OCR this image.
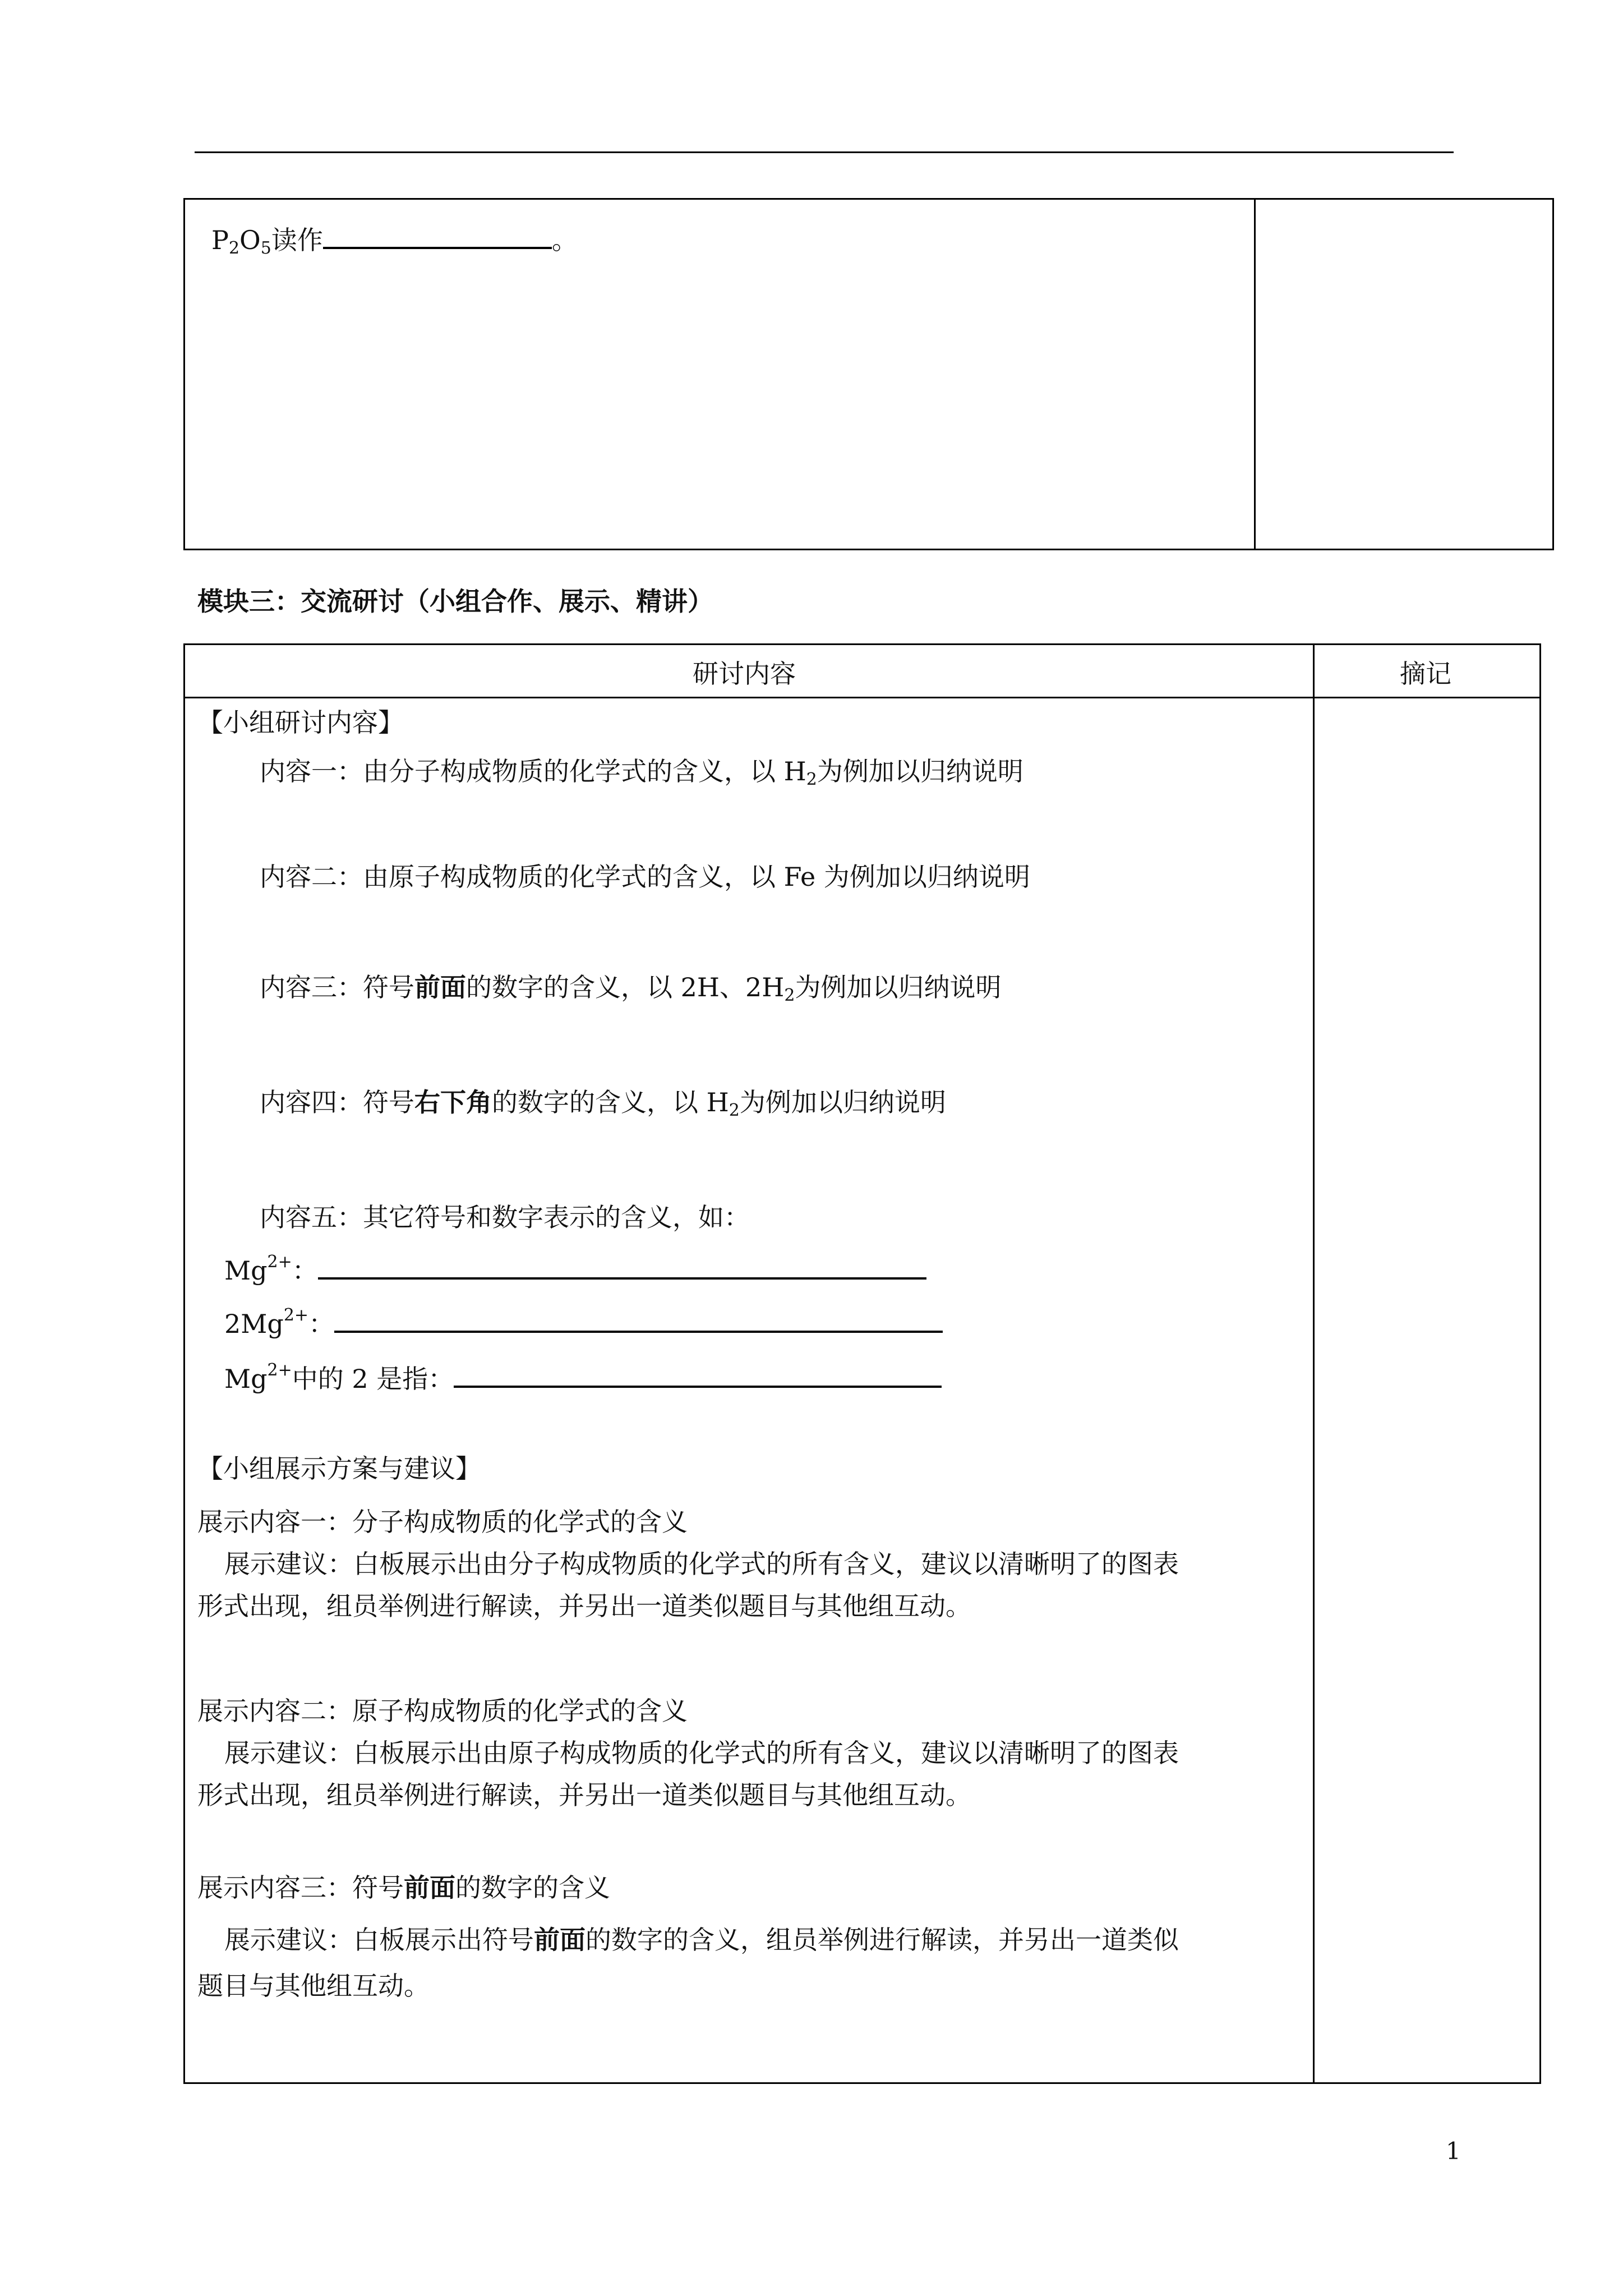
$P_2O_5$读作	。
模块三：交流研讨（小组合作、展示、精讲）
研讨内容	摘记
【小组研讨内容】
内容一：由分子构成物质的化学式的含义，以 $H_2$为例加以归纳说明
内容二：由原子构成物质的化学式的含义，以 Fe 为例加以归纳说明
内容三：符号前面的数字的含义，以 2H、$2H_2$为例加以归纳说明
内容四：符号右下角的数字的含义，以 $H_2$为例加以归纳说明
内容五：其它符号和数字表示的含义，如：
$Mg^{2+}$：
$2Mg^{2+}$：
$Mg^{2+}$中的 2 是指：
【小组展示方案与建议】
展示内容一：分子构成物质的化学式的含义
展示建议：白板展示出由分子构成物质的化学式的所有含义，建议以清晰明了的图表
形式出现，组员举例进行解读，并另出一道类似题目与其他组互动。
展示内容二：原子构成物质的化学式的含义
展示建议：白板展示出由原子构成物质的化学式的所有含义，建议以清晰明了的图表
形式出现，组员举例进行解读，并另出一道类似题目与其他组互动。
展示内容三：符号前面的数字的含义
展示建议：白板展示出符号前面的数字的含义，组员举例进行解读，并另出一道类似
题目与其他组互动。
1
